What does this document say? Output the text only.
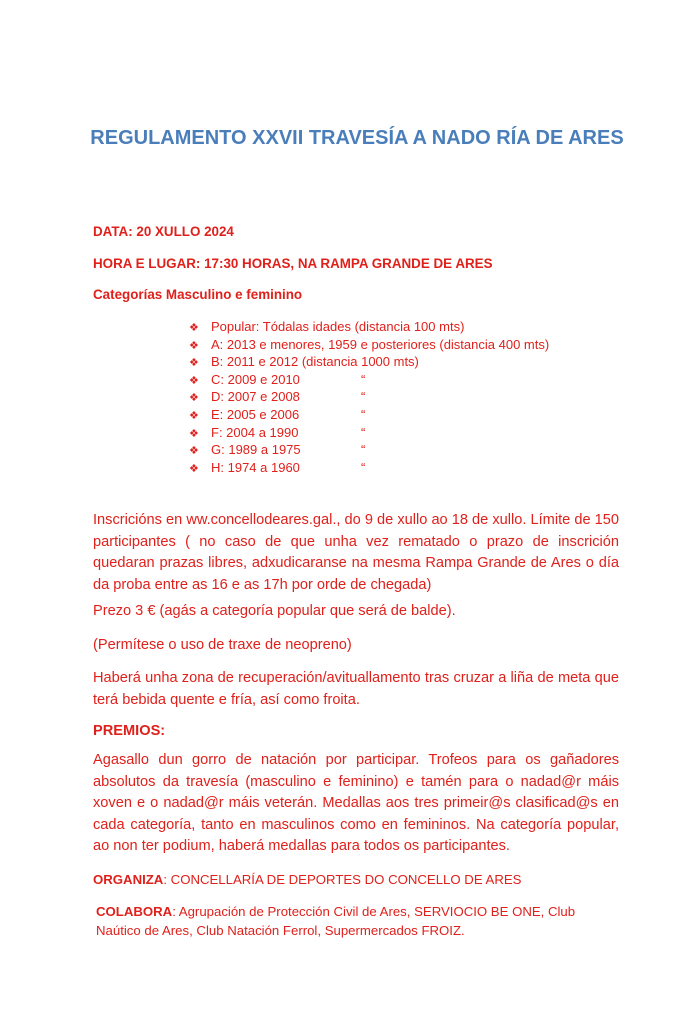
REGULAMENTO XXVII TRAVESÍA A NADO RÍA DE ARES
DATA: 20 XULLO 2024
HORA E LUGAR: 17:30 HORAS, NA RAMPA GRANDE DE ARES
Categorías Masculino e feminino
❖ Popular: Tódalas idades (distancia 100 mts)
❖ A: 2013 e menores, 1959 e posteriores (distancia 400 mts)
❖ B: 2011 e 2012 (distancia 1000 mts)
❖ C: 2009 e 2010	“
❖ D: 2007 e 2008	“
❖ E: 2005 e 2006	“
❖ F: 2004 a 1990	“
❖ G: 1989 a 1975	“
❖ H: 1974 a 1960	“
Inscricións en ww.concellodeares.gal., do 9 de xullo ao 18 de xullo. Límite de 150 participantes ( no caso de que unha vez rematado o prazo de inscrición quedaran prazas libres, adxudicaranse na mesma Rampa Grande de Ares o día da proba entre as 16 e as 17h por orde de chegada)
Prezo 3 € (agás a categoría popular que será de balde).
(Permítese o uso de traxe de neopreno)
Haberá unha zona de recuperación/avituallamento tras cruzar a liña de meta que terá bebida quente e fría, así como froita.
PREMIOS:
Agasallo dun gorro de natación por participar. Trofeos para os gañadores absolutos da travesía (masculino e feminino) e tamén para o nadad@r máis xoven e o nadad@r máis veterán. Medallas aos tres primeir@s clasificad@s en cada categoría, tanto en masculinos como en femininos. Na categoría popular, ao non ter podium, haberá medallas para todos os participantes.
ORGANIZA: CONCELLARÍA DE DEPORTES DO CONCELLO DE ARES
COLABORA: Agrupación de Protección Civil de Ares, SERVIOCIO BE ONE, Club Naútico de Ares, Club Natación Ferrol, Supermercados FROIZ.
